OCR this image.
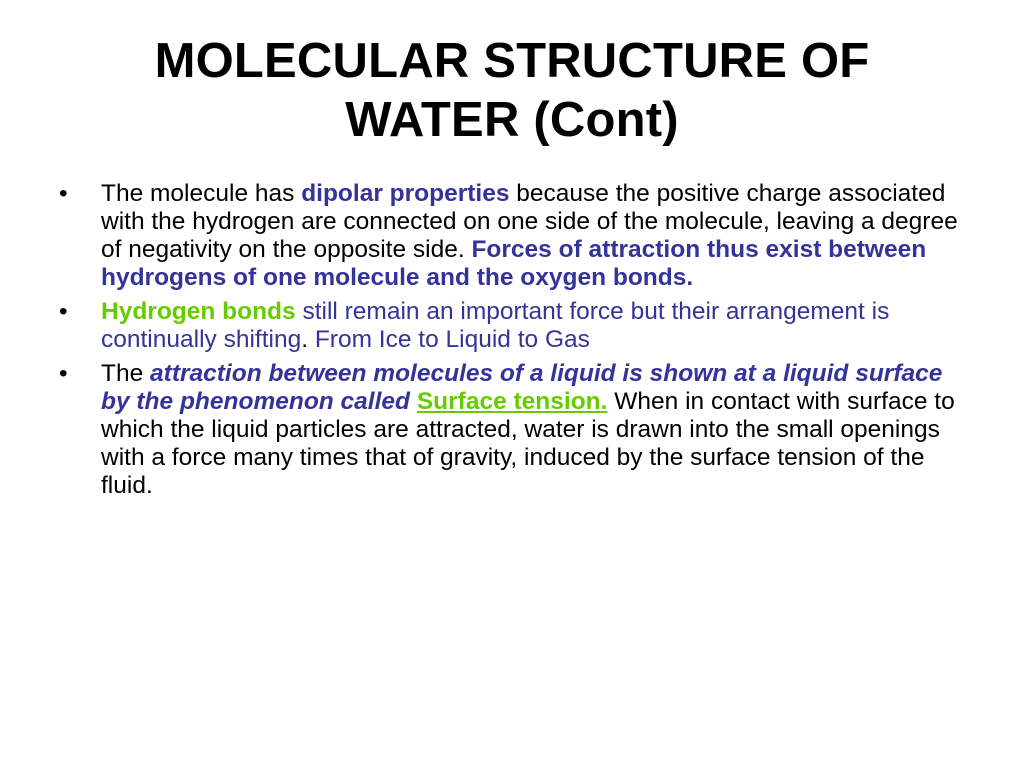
MOLECULAR STRUCTURE OF
WATER (Cont)
• The molecule has dipolar properties because the positive charge associated with the hydrogen are connected on one side of the molecule, leaving a degree of negativity on the opposite side. Forces of attraction thus exist between hydrogens of one molecule and the oxygen bonds.
• Hydrogen bonds still remain an important force but their arrangement is continually shifting. From Ice to Liquid to Gas
• The attraction between molecules of a liquid is shown at a liquid surface by the phenomenon called Surface tension. When in contact with surface to which the liquid particles are attracted, water is drawn into the small openings with a force many times that of gravity, induced by the surface tension of the fluid.
